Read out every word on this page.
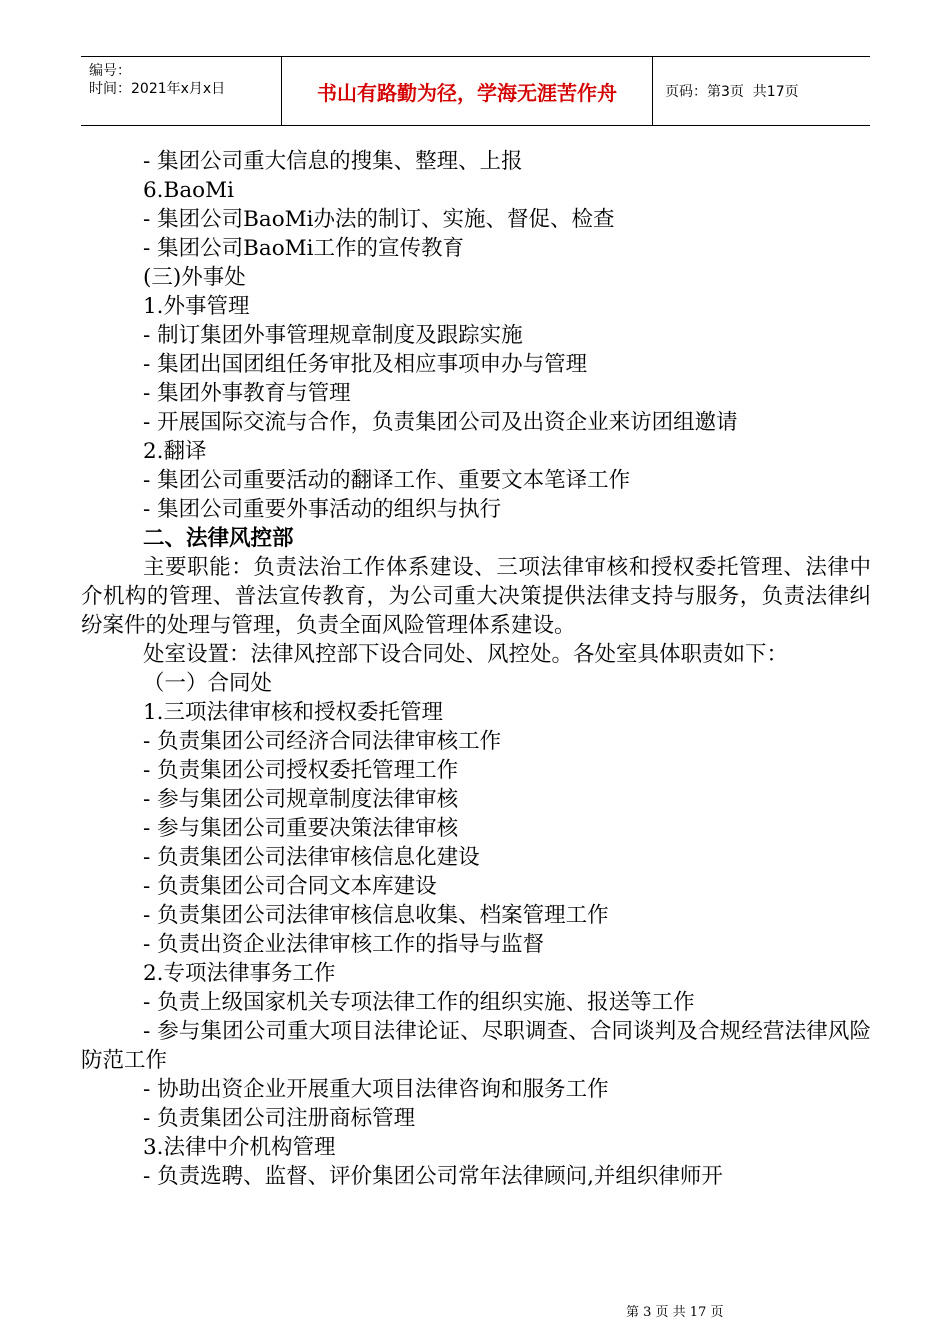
编号：
时间：2021年x月x日	书山有路勤为径，学海无涯苦作舟	页码：第3页  共17页
- 集团公司重大信息的搜集、整理、上报
6.BaoMi
- 集团公司BaoMi办法的制订、实施、督促、检查
- 集团公司BaoMi工作的宣传教育
(三)外事处
1.外事管理
- 制订集团外事管理规章制度及跟踪实施
- 集团出国团组任务审批及相应事项申办与管理
- 集团外事教育与管理
- 开展国际交流与合作，负责集团公司及出资企业来访团组邀请
2.翻译
- 集团公司重要活动的翻译工作、重要文本笔译工作
- 集团公司重要外事活动的组织与执行
二、法律风控部
主要职能：负责法治工作体系建设、三项法律审核和授权委托管理、法律中介机构的管理、普法宣传教育，为公司重大决策提供法律支持与服务，负责法律纠纷案件的处理与管理，负责全面风险管理体系建设。
处室设置：法律风控部下设合同处、风控处。各处室具体职责如下：
（一）合同处
1.三项法律审核和授权委托管理
- 负责集团公司经济合同法律审核工作
- 负责集团公司授权委托管理工作
- 参与集团公司规章制度法律审核
- 参与集团公司重要决策法律审核
- 负责集团公司法律审核信息化建设
- 负责集团公司合同文本库建设
- 负责集团公司法律审核信息收集、档案管理工作
- 负责出资企业法律审核工作的指导与监督
2.专项法律事务工作
- 负责上级国家机关专项法律工作的组织实施、报送等工作
- 参与集团公司重大项目法律论证、尽职调查、合同谈判及合规经营法律风险防范工作
- 协助出资企业开展重大项目法律咨询和服务工作
- 负责集团公司注册商标管理
3.法律中介机构管理
- 负责选聘、监督、评价集团公司常年法律顾问,并组织律师开
第 3 页 共 17 页
